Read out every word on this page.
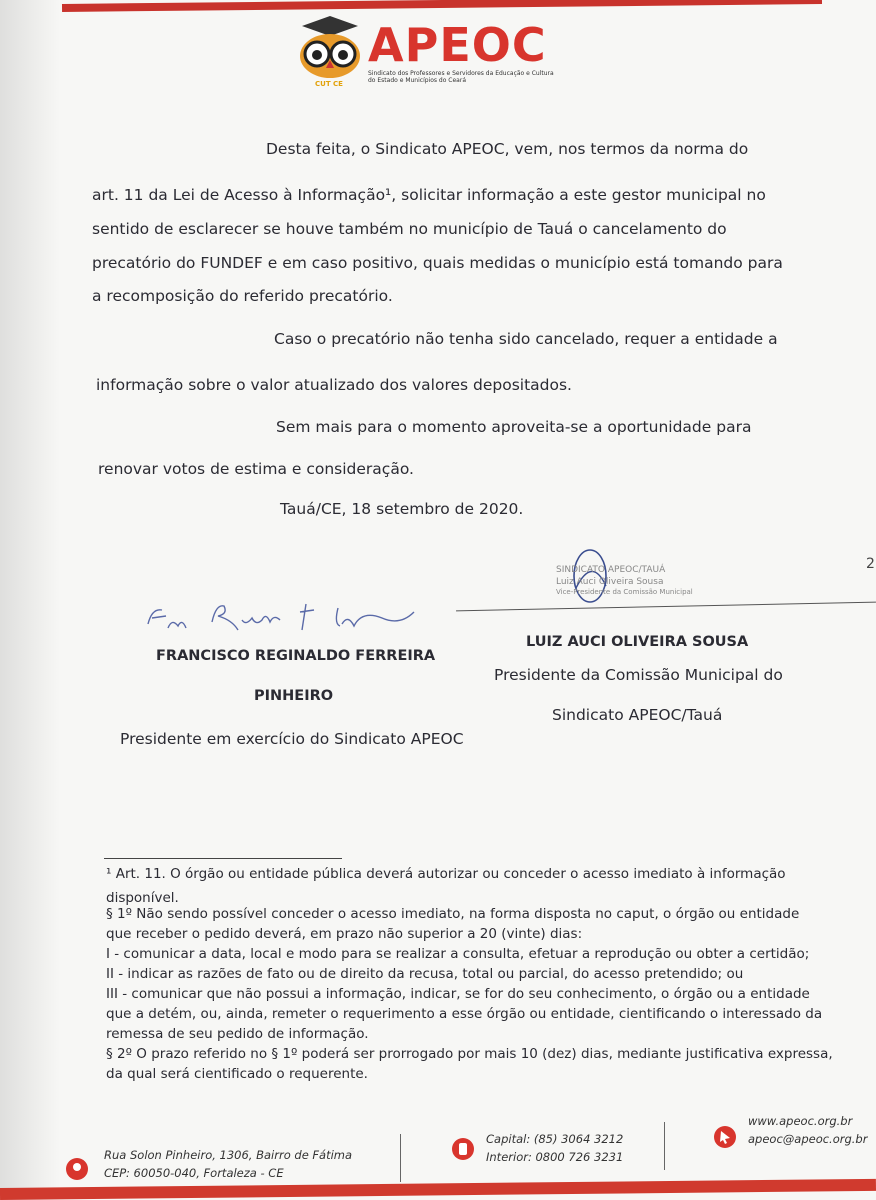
CUT CE
APEOC
Sindicato dos Professores e Servidores da Educação e Cultura do Estado e Municípios do Ceará
Desta feita, o Sindicato APEOC, vem, nos termos da norma do
art. 11 da Lei de Acesso à Informação¹, solicitar informação a este gestor municipal no
sentido de esclarecer se houve também no município de Tauá o cancelamento do
precatório do FUNDEF e em caso positivo, quais medidas o município está tomando para
a recomposição do referido precatório.
Caso o precatório não tenha sido cancelado, requer a entidade a
informação sobre o valor atualizado dos valores depositados.
Sem mais para o momento aproveita-se a oportunidade para
renovar votos de estima e consideração.
Tauá/CE, 18 setembro de 2020.
SINDICATO APEOC/TAUÁ
Luiz Auci Oliveira Sousa
Vice-Presidente da Comissão Municipal
2
FRANCISCO REGINALDO FERREIRA
PINHEIRO
Presidente em exercício do Sindicato APEOC
LUIZ AUCI OLIVEIRA SOUSA
Presidente da Comissão Municipal do
Sindicato APEOC/Tauá
¹ Art. 11. O órgão ou entidade pública deverá autorizar ou conceder o acesso imediato à informação
disponível.
§ 1º Não sendo possível conceder o acesso imediato, na forma disposta no caput, o órgão ou entidade
que receber o pedido deverá, em prazo não superior a 20 (vinte) dias:
I - comunicar a data, local e modo para se realizar a consulta, efetuar a reprodução ou obter a certidão;
II - indicar as razões de fato ou de direito da recusa, total ou parcial, do acesso pretendido; ou
III - comunicar que não possui a informação, indicar, se for do seu conhecimento, o órgão ou a entidade
que a detém, ou, ainda, remeter o requerimento a esse órgão ou entidade, cientificando o interessado da
remessa de seu pedido de informação.
§ 2º O prazo referido no § 1º poderá ser prorrogado por mais 10 (dez) dias, mediante justificativa expressa,
da qual será cientificado o requerente.
Rua Solon Pinheiro, 1306, Bairro de Fátima
CEP: 60050-040, Fortaleza - CE
Capital: (85) 3064 3212
Interior: 0800 726 3231
www.apeoc.org.br
apeoc@apeoc.org.br
